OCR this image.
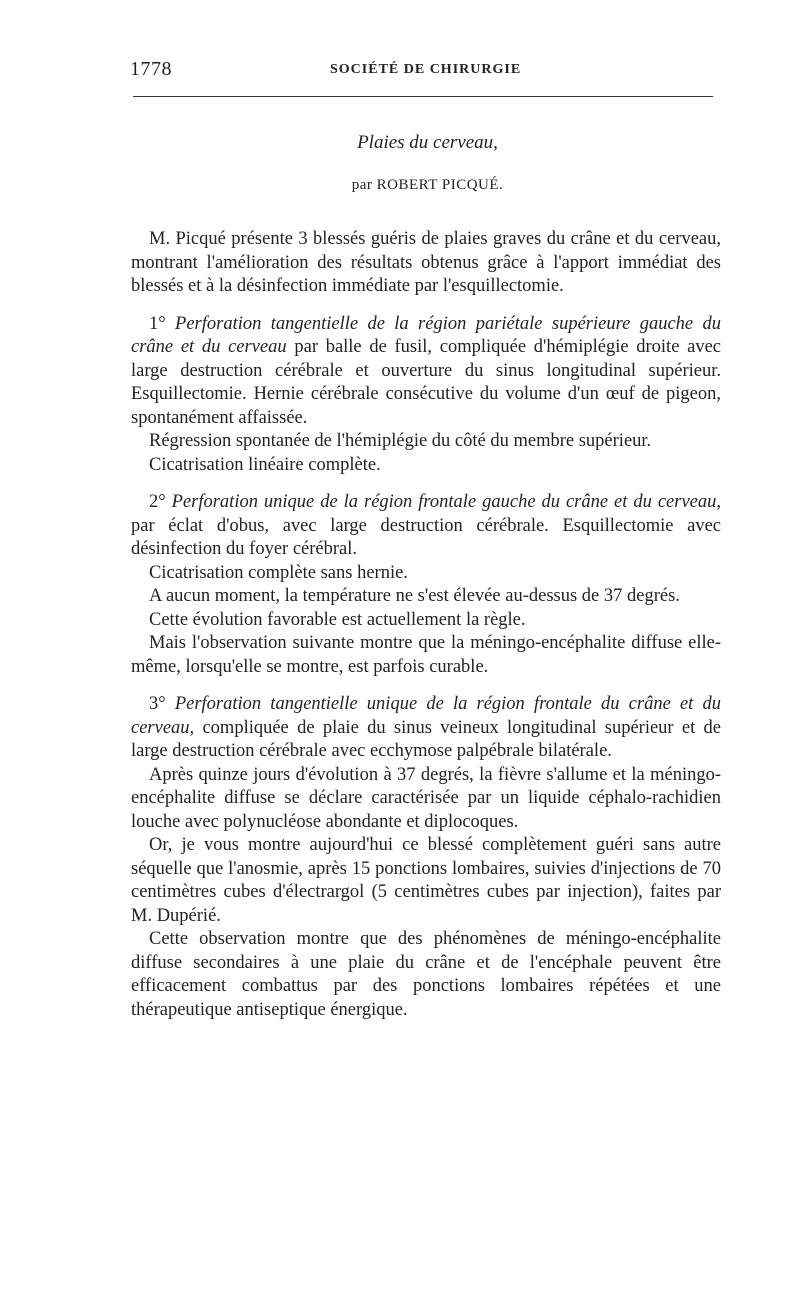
1778	SOCIÉTÉ DE CHIRURGIE
Plaies du cerveau,
par ROBERT PICQUÉ.

M. Picqué présente 3 blessés guéris de plaies graves du crâne et du cerveau, montrant l'amélioration des résultats obtenus grâce à l'apport immédiat des blessés et à la désinfection immédiate par l'esquillectomie.

1° Perforation tangentielle de la région pariétale supérieure gauche du crâne et du cerveau par balle de fusil, compliquée d'hémiplégie droite avec large destruction cérébrale et ouverture du sinus longitudinal supérieur. Esquillectomie. Hernie cérébrale consécutive du volume d'un œuf de pigeon, spontanément affaissée.

Régression spontanée de l'hémiplégie du côté du membre supérieur.

Cicatrisation linéaire complète.

2° Perforation unique de la région frontale gauche du crâne et du cerveau, par éclat d'obus, avec large destruction cérébrale. Esquillectomie avec désinfection du foyer cérébral.

Cicatrisation complète sans hernie.

A aucun moment, la température ne s'est élevée au-dessus de 37 degrés.

Cette évolution favorable est actuellement la règle.

Mais l'observation suivante montre que la méningo-encéphalite diffuse elle-même, lorsqu'elle se montre, est parfois curable.

3° Perforation tangentielle unique de la région frontale du crâne et du cerveau, compliquée de plaie du sinus veineux longitudinal supérieur et de large destruction cérébrale avec ecchymose palpébrale bilatérale.

Après quinze jours d'évolution à 37 degrés, la fièvre s'allume et la méningo-encéphalite diffuse se déclare caractérisée par un liquide céphalo-rachidien louche avec polynucléose abondante et diplocoques.

Or, je vous montre aujourd'hui ce blessé complètement guéri sans autre séquelle que l'anosmie, après 15 ponctions lombaires, suivies d'injections de 70 centimètres cubes d'électrargol (5 centimètres cubes par injection), faites par M. Dupérié.

Cette observation montre que des phénomènes de méningo-encéphalite diffuse secondaires à une plaie du crâne et de l'encéphale peuvent être efficacement combattus par des ponctions lombaires répétées et une thérapeutique antiseptique énergique.
